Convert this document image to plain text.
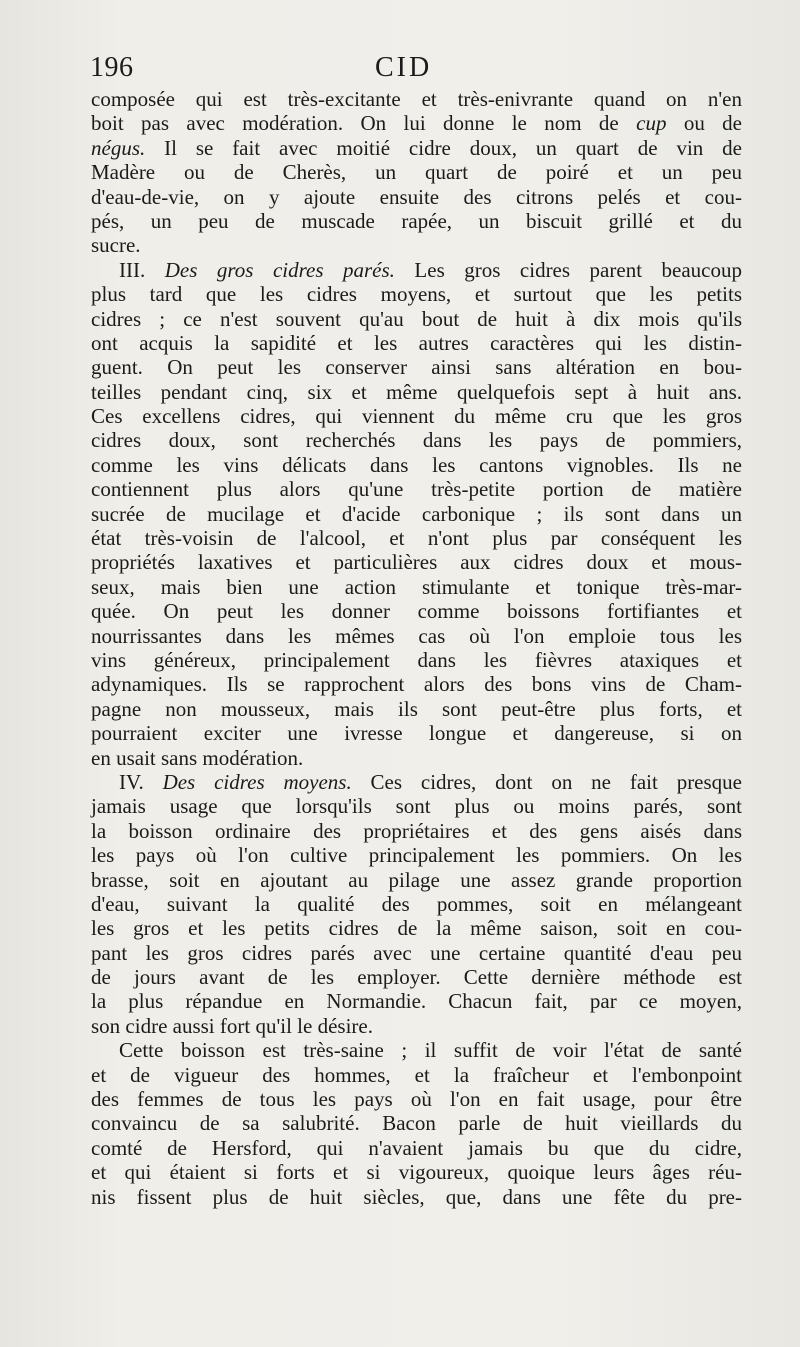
196	CID
composée qui est très-excitante et très-enivrante quand on n'en
boit pas avec modération. On lui donne le nom de cup ou de
négus. Il se fait avec moitié cidre doux, un quart de vin de
Madère ou de Cherès, un quart de poiré et un peu
d'eau-de-vie, on y ajoute ensuite des citrons pelés et cou-
pés, un peu de muscade rapée, un biscuit grillé et du
sucre.
III. Des gros cidres parés. Les gros cidres parent beaucoup
plus tard que les cidres moyens, et surtout que les petits
cidres ; ce n'est souvent qu'au bout de huit à dix mois qu'ils
ont acquis la sapidité et les autres caractères qui les distin-
guent. On peut les conserver ainsi sans altération en bou-
teilles pendant cinq, six et même quelquefois sept à huit ans.
Ces excellens cidres, qui viennent du même cru que les gros
cidres doux, sont recherchés dans les pays de pommiers,
comme les vins délicats dans les cantons vignobles. Ils ne
contiennent plus alors qu'une très-petite portion de matière
sucrée de mucilage et d'acide carbonique ; ils sont dans un
état très-voisin de l'alcool, et n'ont plus par conséquent les
propriétés laxatives et particulières aux cidres doux et mous-
seux, mais bien une action stimulante et tonique très-mar-
quée. On peut les donner comme boissons fortifiantes et
nourrissantes dans les mêmes cas où l'on emploie tous les
vins généreux, principalement dans les fièvres ataxiques et
adynamiques. Ils se rapprochent alors des bons vins de Cham-
pagne non mousseux, mais ils sont peut-être plus forts, et
pourraient exciter une ivresse longue et dangereuse, si on
en usait sans modération.
IV. Des cidres moyens. Ces cidres, dont on ne fait presque
jamais usage que lorsqu'ils sont plus ou moins parés, sont
la boisson ordinaire des propriétaires et des gens aisés dans
les pays où l'on cultive principalement les pommiers. On les
brasse, soit en ajoutant au pilage une assez grande proportion
d'eau, suivant la qualité des pommes, soit en mélangeant
les gros et les petits cidres de la même saison, soit en cou-
pant les gros cidres parés avec une certaine quantité d'eau peu
de jours avant de les employer. Cette dernière méthode est
la plus répandue en Normandie. Chacun fait, par ce moyen,
son cidre aussi fort qu'il le désire.
Cette boisson est très-saine ; il suffit de voir l'état de santé
et de vigueur des hommes, et la fraîcheur et l'embonpoint
des femmes de tous les pays où l'on en fait usage, pour être
convaincu de sa salubrité. Bacon parle de huit vieillards du
comté de Hersford, qui n'avaient jamais bu que du cidre,
et qui étaient si forts et si vigoureux, quoique leurs âges réu-
nis fissent plus de huit siècles, que, dans une fête du pre-
